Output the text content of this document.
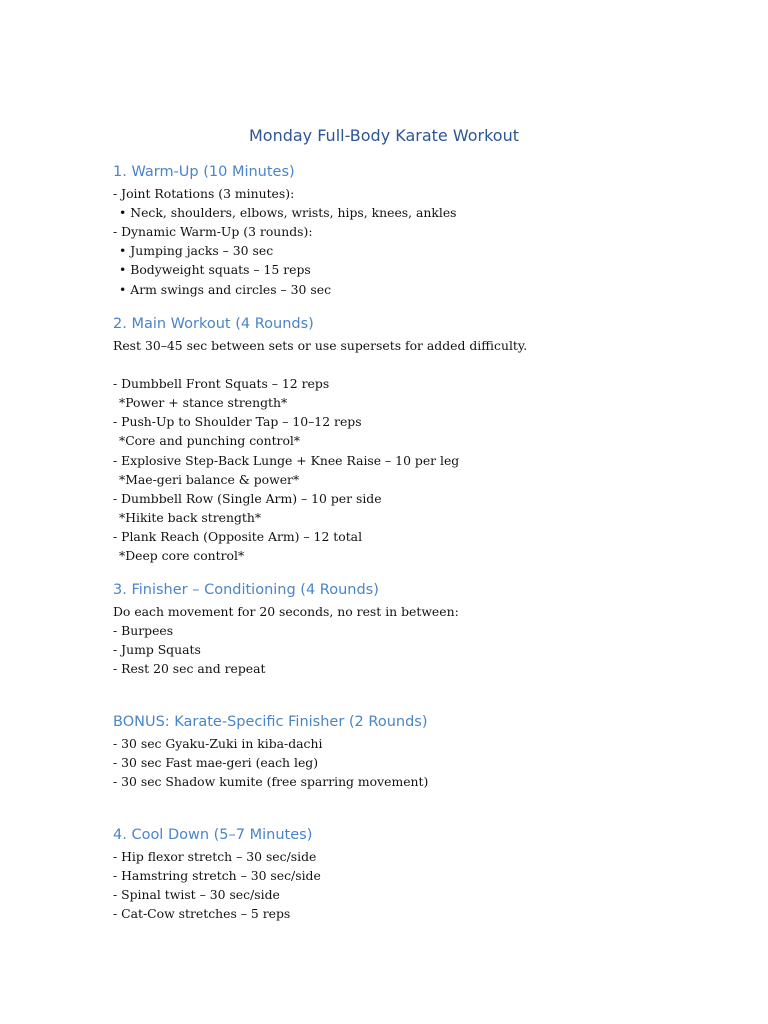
Monday Full-Body Karate Workout
1. Warm-Up (10 Minutes)
- Joint Rotations (3 minutes):
• Neck, shoulders, elbows, wrists, hips, knees, ankles
- Dynamic Warm-Up (3 rounds):
• Jumping jacks – 30 sec
• Bodyweight squats – 15 reps
• Arm swings and circles – 30 sec
2. Main Workout (4 Rounds)
Rest 30–45 sec between sets or use supersets for added difficulty.
- Dumbbell Front Squats – 12 reps
*Power + stance strength*
- Push-Up to Shoulder Tap – 10–12 reps
*Core and punching control*
- Explosive Step-Back Lunge + Knee Raise – 10 per leg
*Mae-geri balance & power*
- Dumbbell Row (Single Arm) – 10 per side
*Hikite back strength*
- Plank Reach (Opposite Arm) – 12 total
*Deep core control*
3. Finisher – Conditioning (4 Rounds)
Do each movement for 20 seconds, no rest in between:
- Burpees
- Jump Squats
- Rest 20 sec and repeat
BONUS: Karate-Specific Finisher (2 Rounds)
- 30 sec Gyaku-Zuki in kiba-dachi
- 30 sec Fast mae-geri (each leg)
- 30 sec Shadow kumite (free sparring movement)
4. Cool Down (5–7 Minutes)
- Hip flexor stretch – 30 sec/side
- Hamstring stretch – 30 sec/side
- Spinal twist – 30 sec/side
- Cat-Cow stretches – 5 reps
